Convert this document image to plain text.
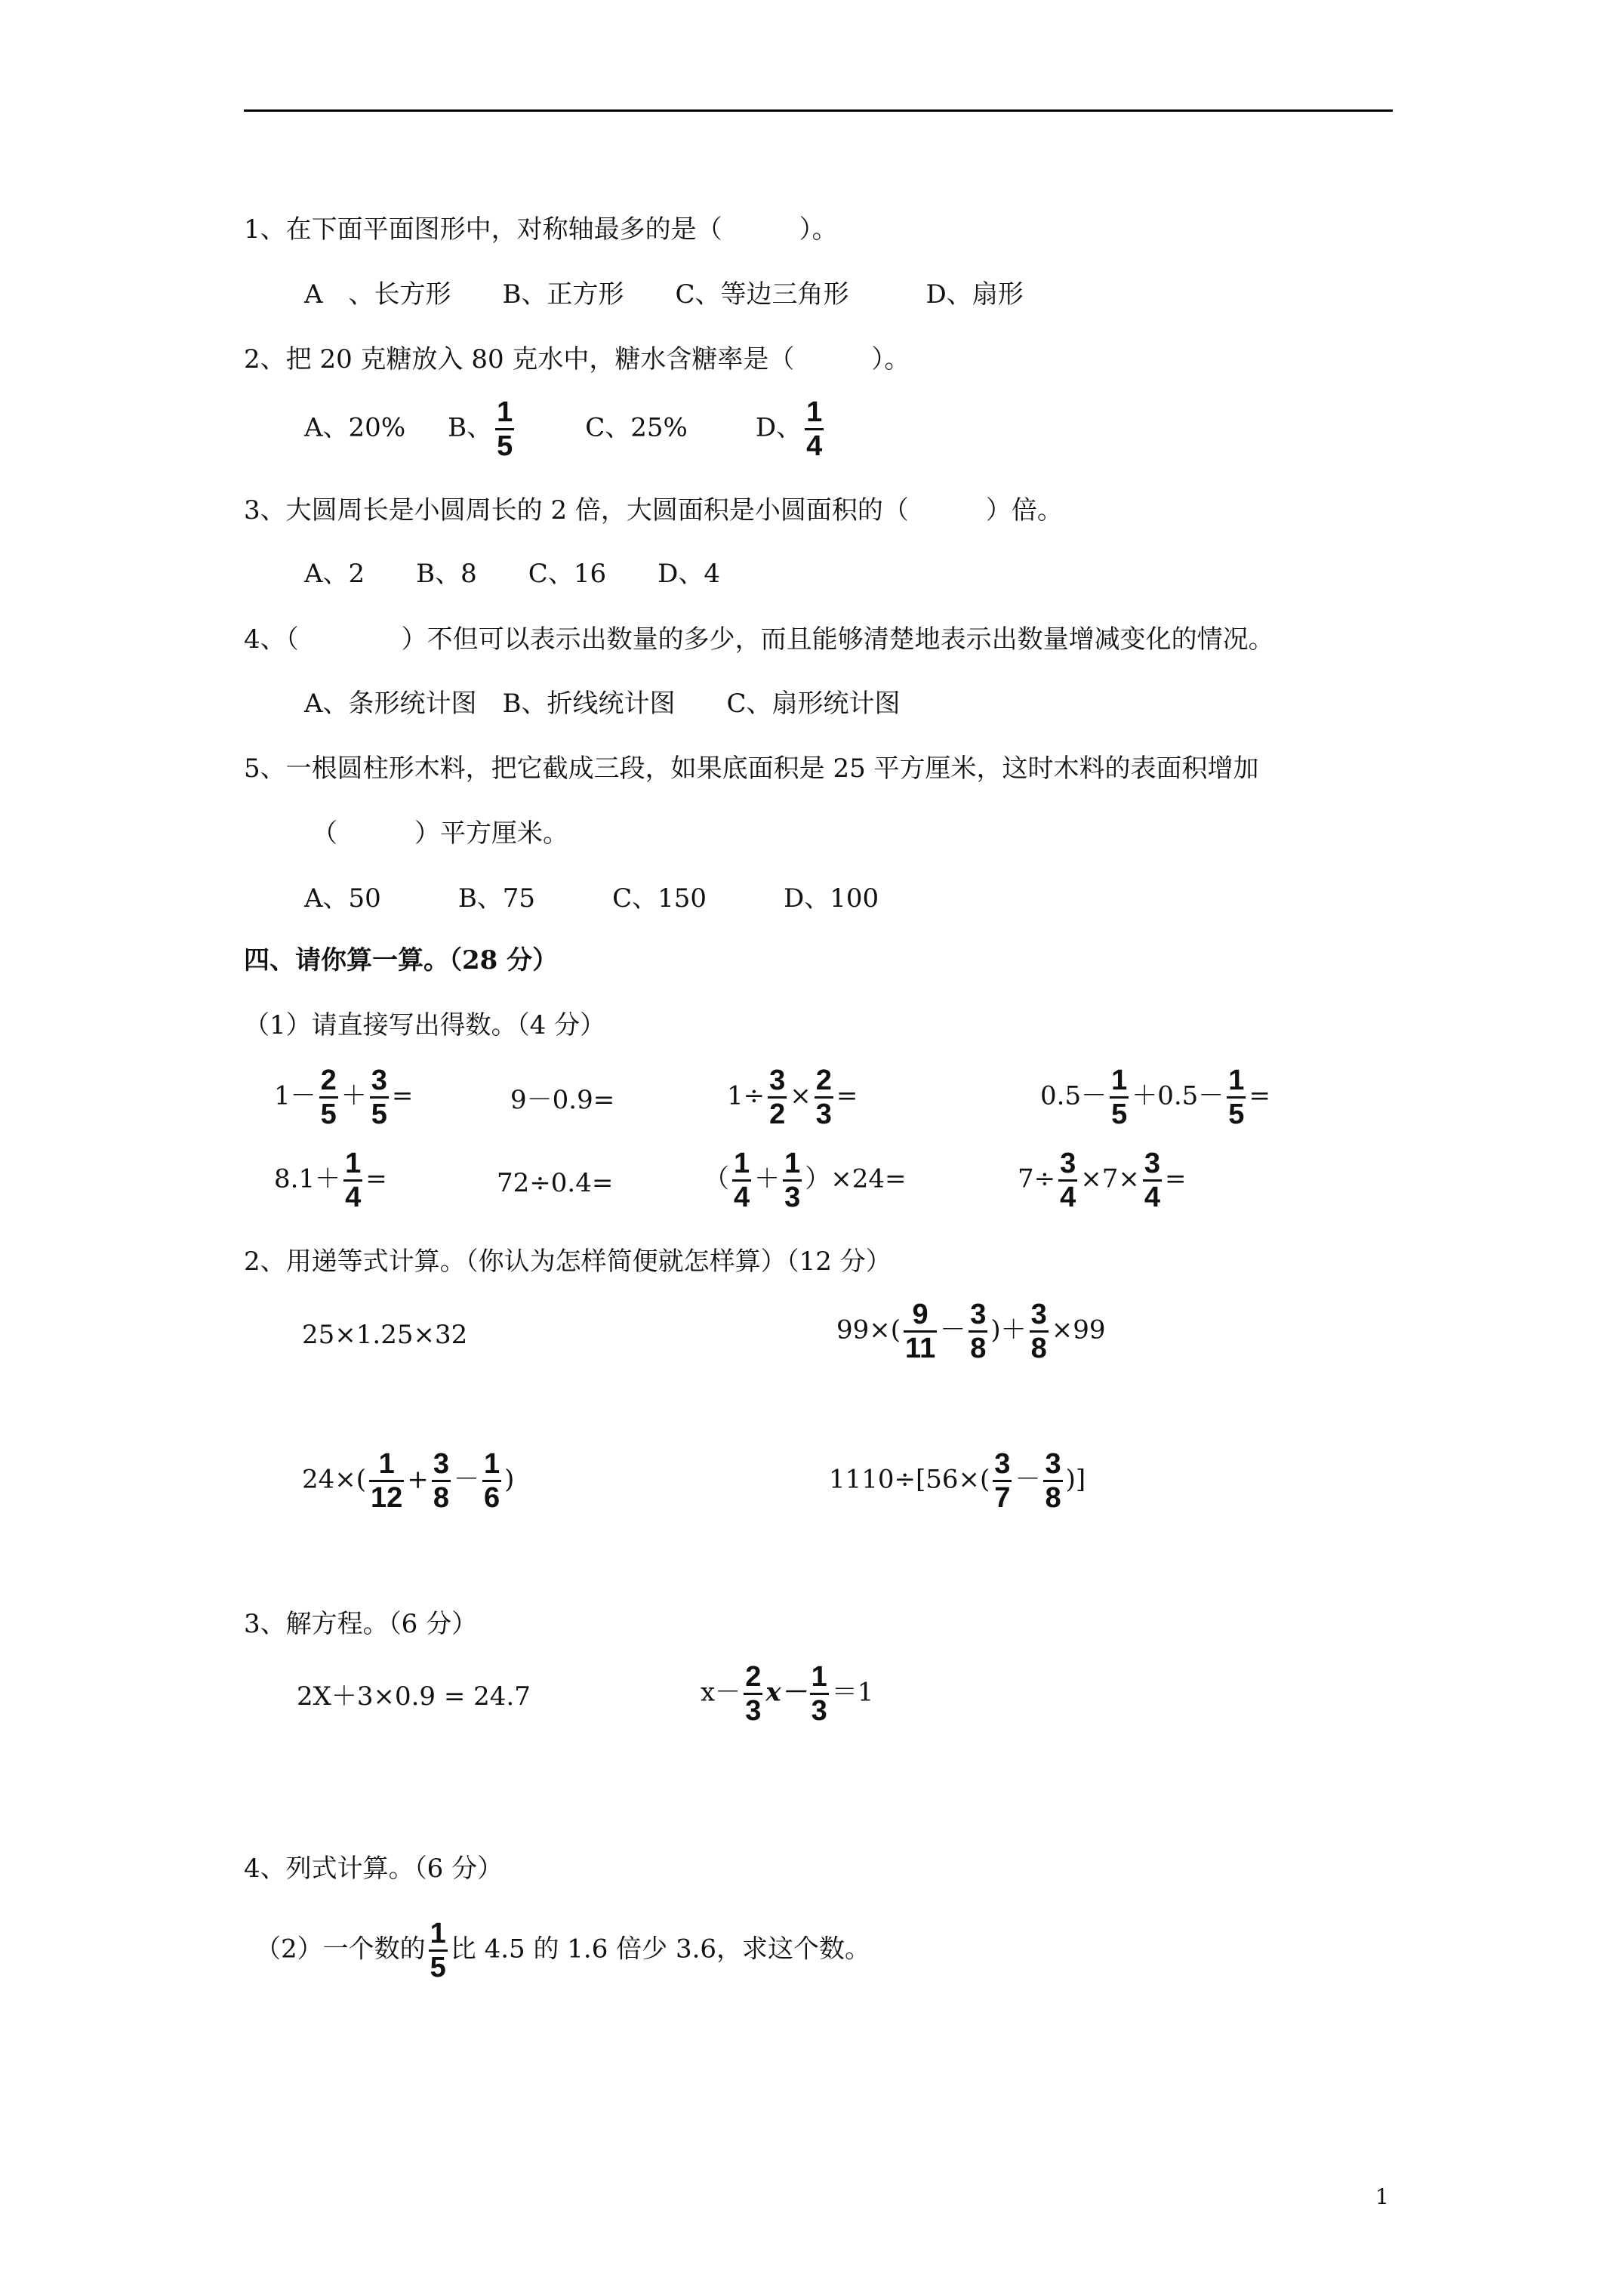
1、在下面平面图形中，对称轴最多的是（　　　）。
A　、长方形　　B、正方形　　C、等边三角形　　　D、扇形
2、把 20 克糖放入 80 克水中，糖水含糖率是（　　　）。
A、20% B、 $\frac{1}{5}$	C、25%	D、 $\frac{1}{4}$
3、大圆周长是小圆周长的 2 倍，大圆面积是小圆面积的（　　　）倍。
A、2　　B、8　　C、16　　D、4
4、（　　　　）不但可以表示出数量的多少，而且能够清楚地表示出数量增减变化的情况。
A、条形统计图　B、折线统计图　　C、扇形统计图
5、一根圆柱形木料，把它截成三段，如果底面积是 25 平方厘米，这时木料的表面积增加
（　　　）平方厘米。
A、50　　　B、75　　　C、150　　　D、100
四、请你算一算。（28 分）
（1）请直接写出得数。（4 分）
$1- \frac{2}{5} + \frac{3}{5}$ =	9－0.9=	$1\div \frac{3}{2} \times \frac{2}{3}$ =	$0.5- \frac{1}{5} +0.5- \frac{1}{5}$ =
$8.1+ \frac{1}{4}$ =	72÷0.4=	（ $\frac{1}{4} + \frac{1}{3} )\times 24=$	$7\div \frac{3}{4} \times 7\times \frac{3}{4}$ =
2、用递等式计算。（你认为怎样简便就怎样算）（12 分）
25×1.25×32	$99\times( \frac{9}{11} - \frac{3}{8}$ )＋ $\frac{3}{8} \times 99$
$24\times( \frac{1}{12} + \frac{3}{8} - \frac{1}{6}$ )	$1110\div[56\times( \frac{3}{7} - \frac{3}{8}$ )]
3、解方程。（6 分）
2X＋3×0.9 = 24.7	$x- \frac{2}{3} x- \frac{1}{3} =1$
4、列式计算。（6 分）
（2）一个数的 $\frac{1}{5}$ 比 4.5 的 1.6 倍少 3.6，求这个数。
1
